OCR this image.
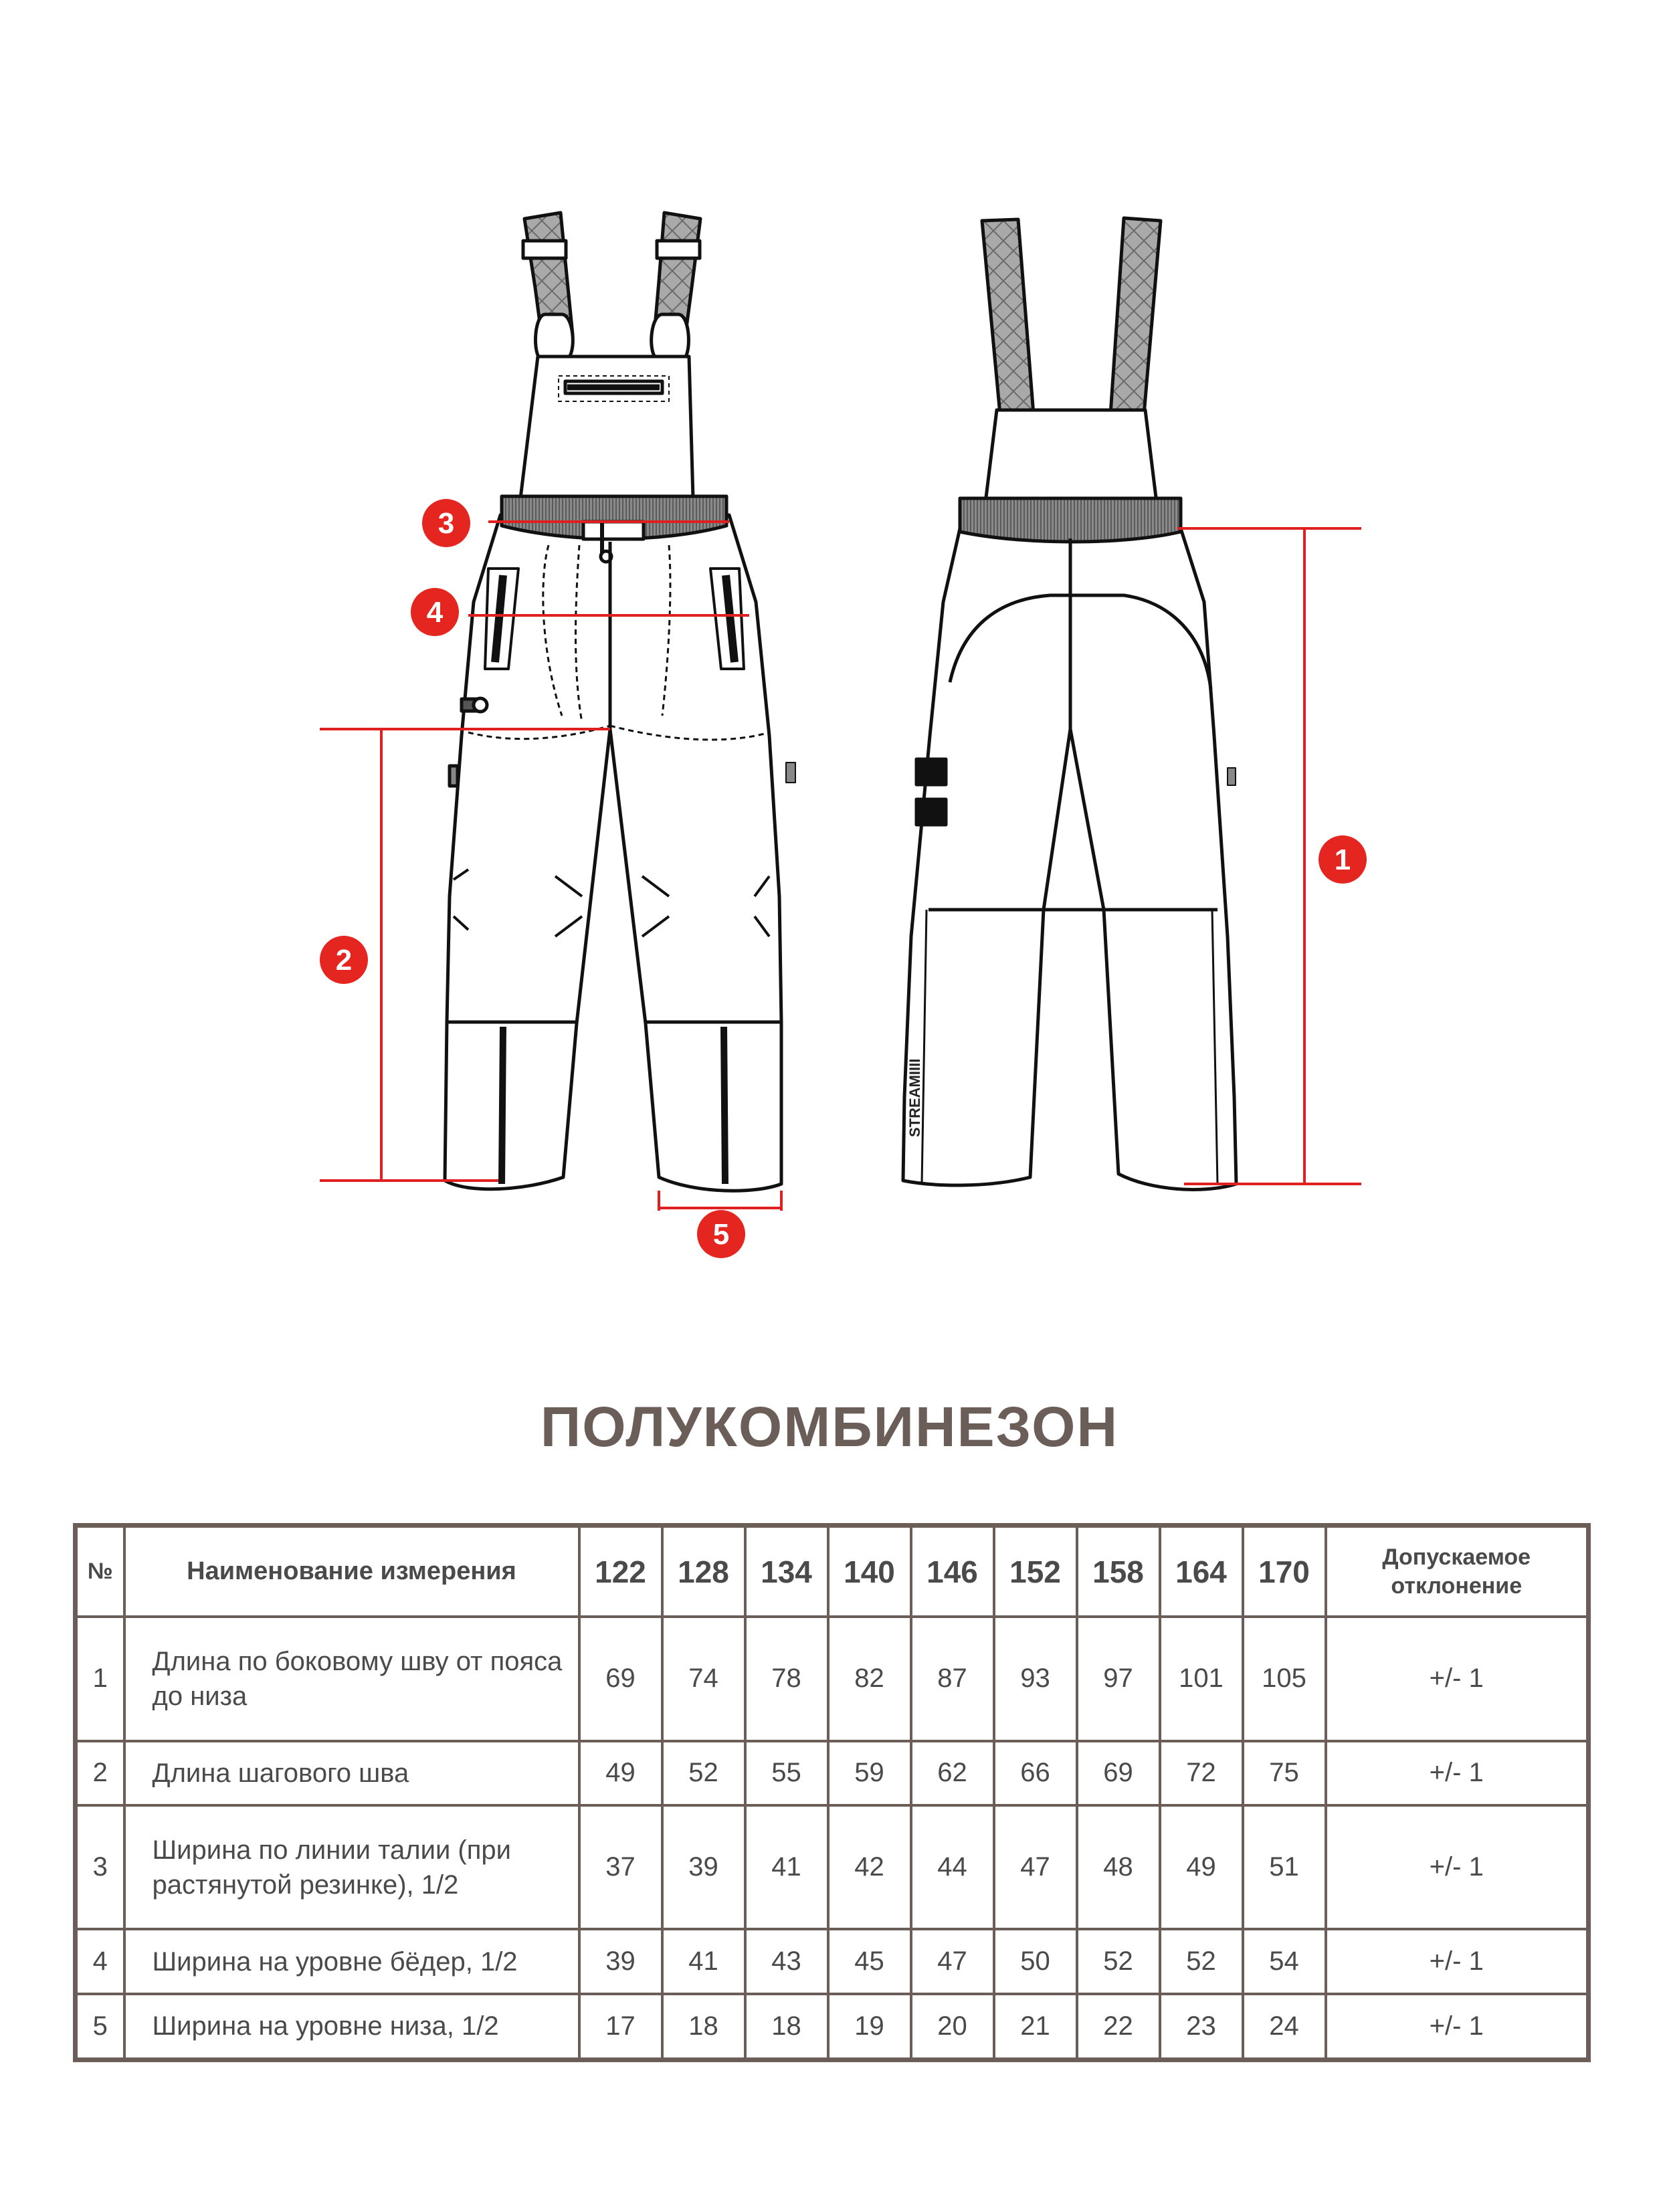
STREAMIIII
1
2
3
4
5
ПОЛУКОМБИНЕЗОН
№	Наименование измерения	122	128	134	140	146	152	158	164	170	Допускаемое отклонение
1	Длина по боковому шву от пояса до низа	69	74	78	82	87	93	97	101	105	+/- 1
2	Длина шагового шва	49	52	55	59	62	66	69	72	75	+/- 1
3	Ширина по линии талии (при растянутой резинке), 1/2	37	39	41	42	44	47	48	49	51	+/- 1
4	Ширина на уровне бёдер, 1/2	39	41	43	45	47	50	52	52	54	+/- 1
5	Ширина на уровне низа, 1/2	17	18	18	19	20	21	22	23	24	+/- 1
